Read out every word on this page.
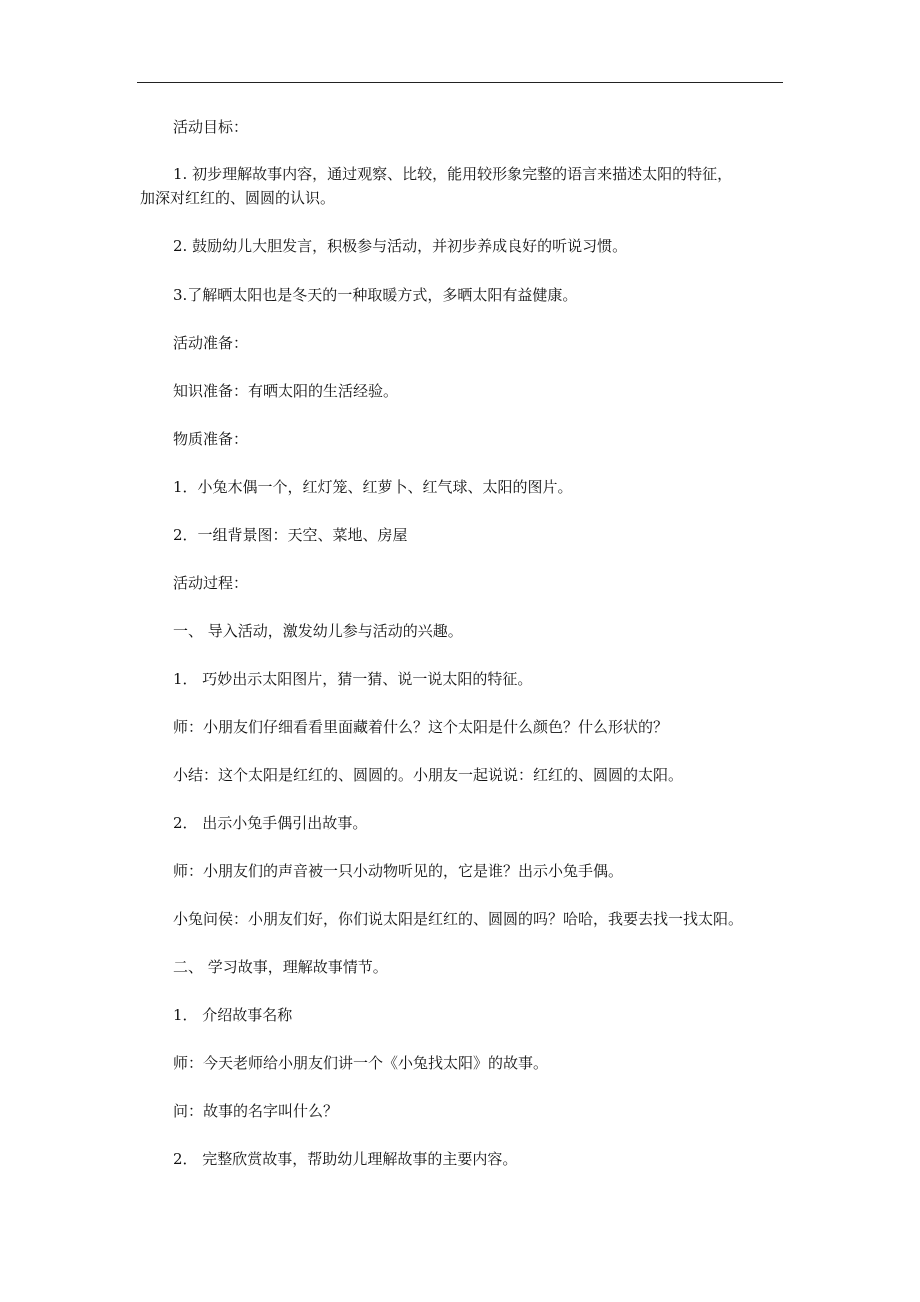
活动目标：
1. 初步理解故事内容，通过观察、比较，能用较形象完整的语言来描述太阳的特征，
加深对红红的、圆圆的认识。
2. 鼓励幼儿大胆发言，积极参与活动，并初步养成良好的听说习惯。
3.了解晒太阳也是冬天的一种取暖方式，多晒太阳有益健康。
活动准备：
知识准备：有晒太阳的生活经验。
物质准备：
1．小兔木偶一个，红灯笼、红萝卜、红气球、太阳的图片。
2．一组背景图：天空、菜地、房屋
活动过程：
一、 导入活动，激发幼儿参与活动的兴趣。
1． 巧妙出示太阳图片，猜一猜、说一说太阳的特征。
师：小朋友们仔细看看里面藏着什么？这个太阳是什么颜色？什么形状的？
小结：这个太阳是红红的、圆圆的。小朋友一起说说：红红的、圆圆的太阳。
2． 出示小兔手偶引出故事。
师：小朋友们的声音被一只小动物听见的，它是谁？出示小兔手偶。
小兔问侯：小朋友们好，你们说太阳是红红的、圆圆的吗？哈哈，我要去找一找太阳。
二、 学习故事，理解故事情节。
1． 介绍故事名称
师：今天老师给小朋友们讲一个《小兔找太阳》的故事。
问：故事的名字叫什么？
2． 完整欣赏故事，帮助幼儿理解故事的主要内容。
